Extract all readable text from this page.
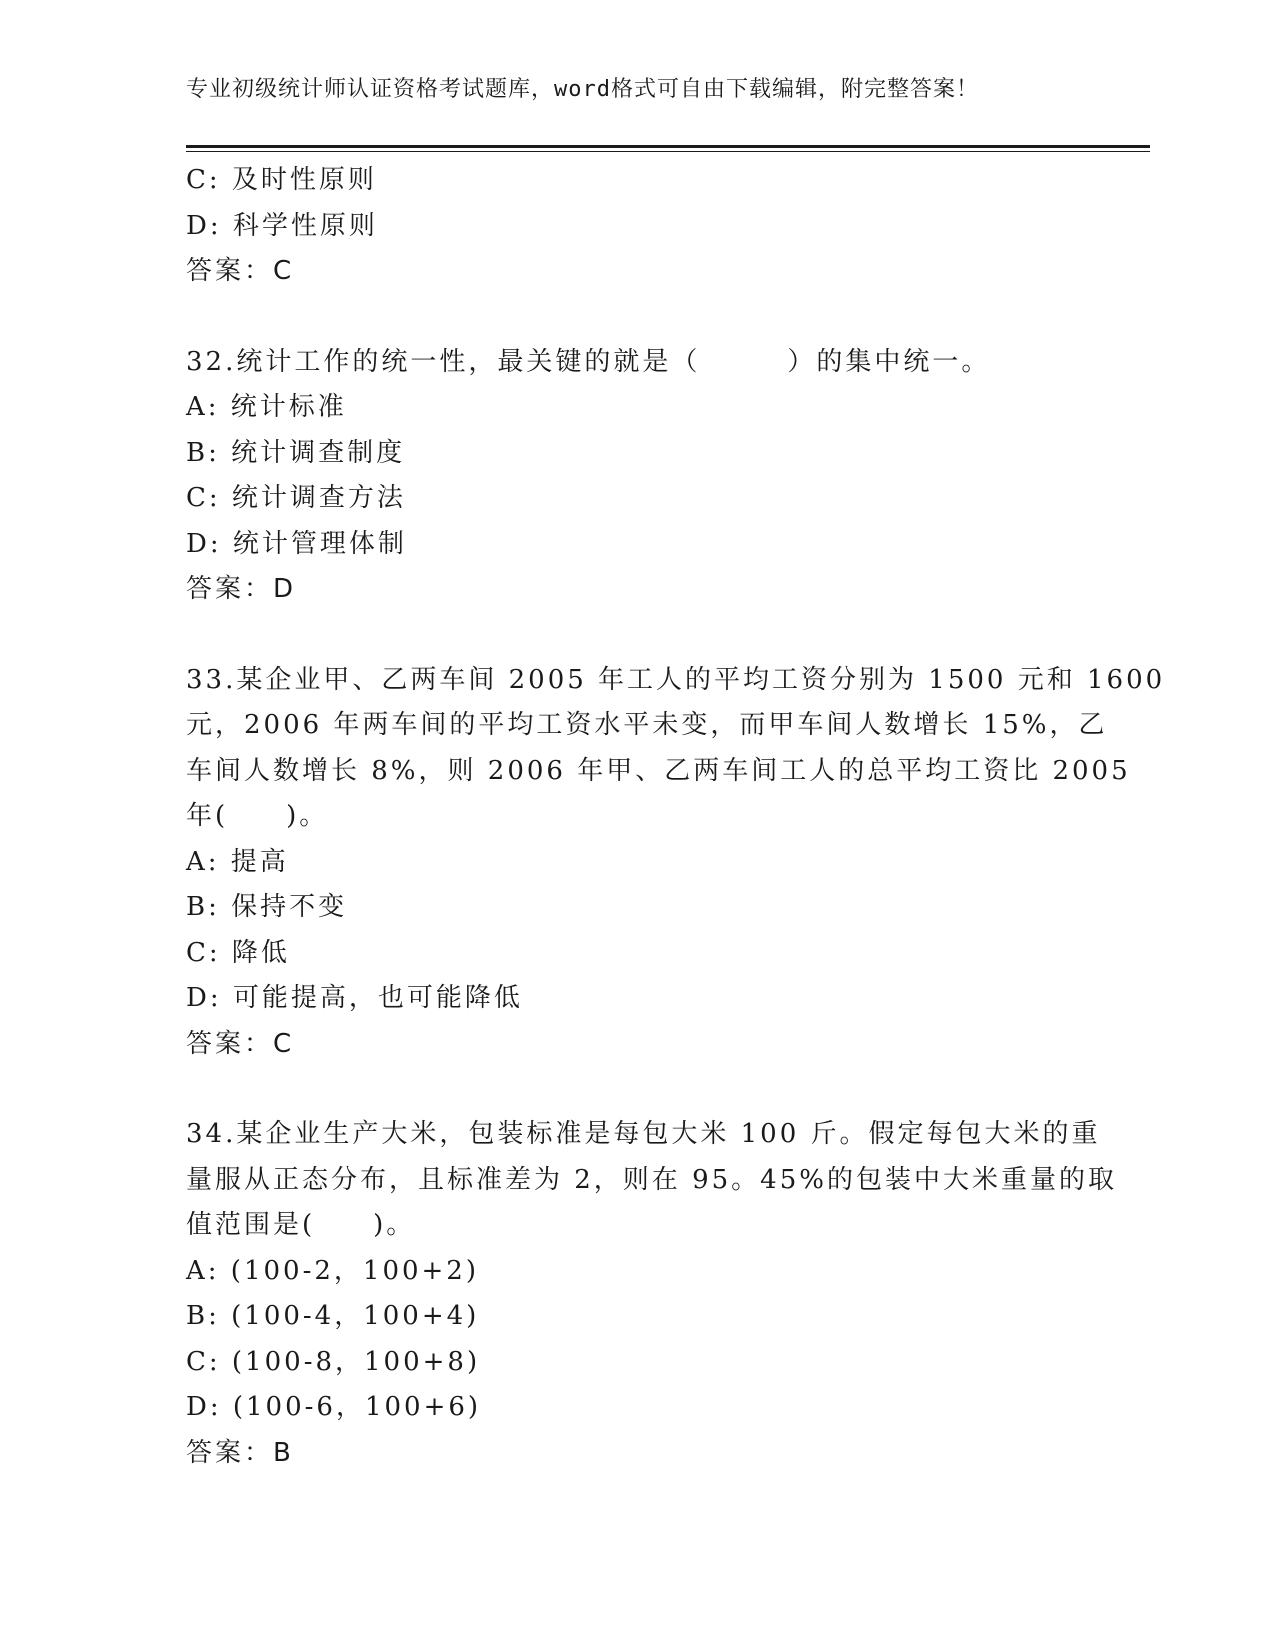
专业初级统计师认证资格考试题库，word格式可自由下载编辑，附完整答案！
C: 及时性原则
D: 科学性原则
答案：C
32.统计工作的统一性，最关键的就是（　　　）的集中统一。
A: 统计标准
B: 统计调查制度
C: 统计调查方法
D: 统计管理体制
答案：D
33.某企业甲、乙两车间 2005 年工人的平均工资分别为 1500 元和 1600
元，2006 年两车间的平均工资水平未变，而甲车间人数增长 15%，乙
车间人数增长 8%，则 2006 年甲、乙两车间工人的总平均工资比 2005
年(　　)。
A: 提高
B: 保持不变
C: 降低
D: 可能提高，也可能降低
答案：C
34.某企业生产大米，包装标准是每包大米 100 斤。假定每包大米的重
量服从正态分布，且标准差为 2，则在 95。45%的包装中大米重量的取
值范围是(　　)。
A: (100-2，100+2)
B: (100-4，100+4)
C: (100-8，100+8)
D: (100-6，100+6)
答案：B
